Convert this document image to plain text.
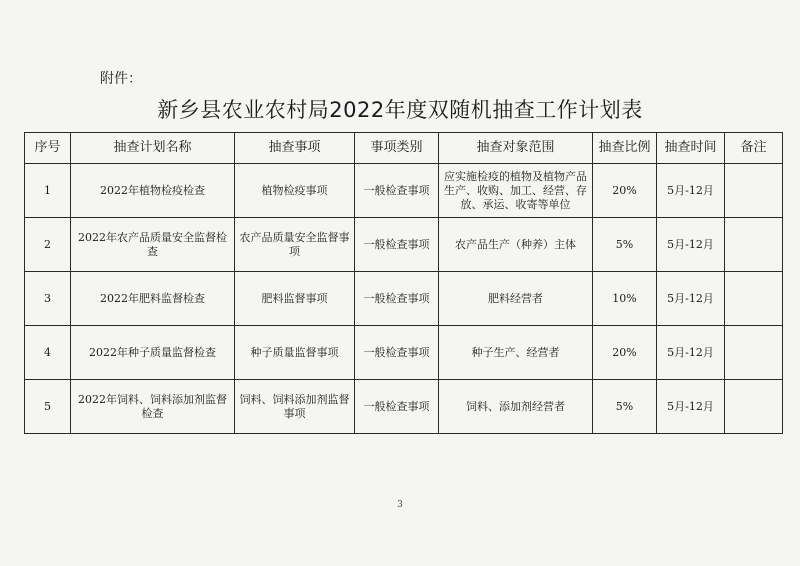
附件：
新乡县农业农村局2022年度双随机抽查工作计划表
序号	抽查计划名称	抽查事项	事项类别	抽查对象范围	抽查比例	抽查时间	备注
1	2022年植物检疫检查	植物检疫事项	一般检查事项	应实施检疫的植物及植物产品生产、收购、加工、经营、存放、承运、收寄等单位	20%	5月-12月	
2	2022年农产品质量安全监督检查	农产品质量安全监督事项	一般检查事项	农产品生产（种养）主体	5%	5月-12月	
3	2022年肥料监督检查	肥料监督事项	一般检查事项	肥料经营者	10%	5月-12月	
4	2022年种子质量监督检查	种子质量监督事项	一般检查事项	种子生产、经营者	20%	5月-12月	
5	2022年饲料、饲料添加剂监督检查	饲料、饲料添加剂监督事项	一般检查事项	饲料、添加剂经营者	5%	5月-12月	
3
